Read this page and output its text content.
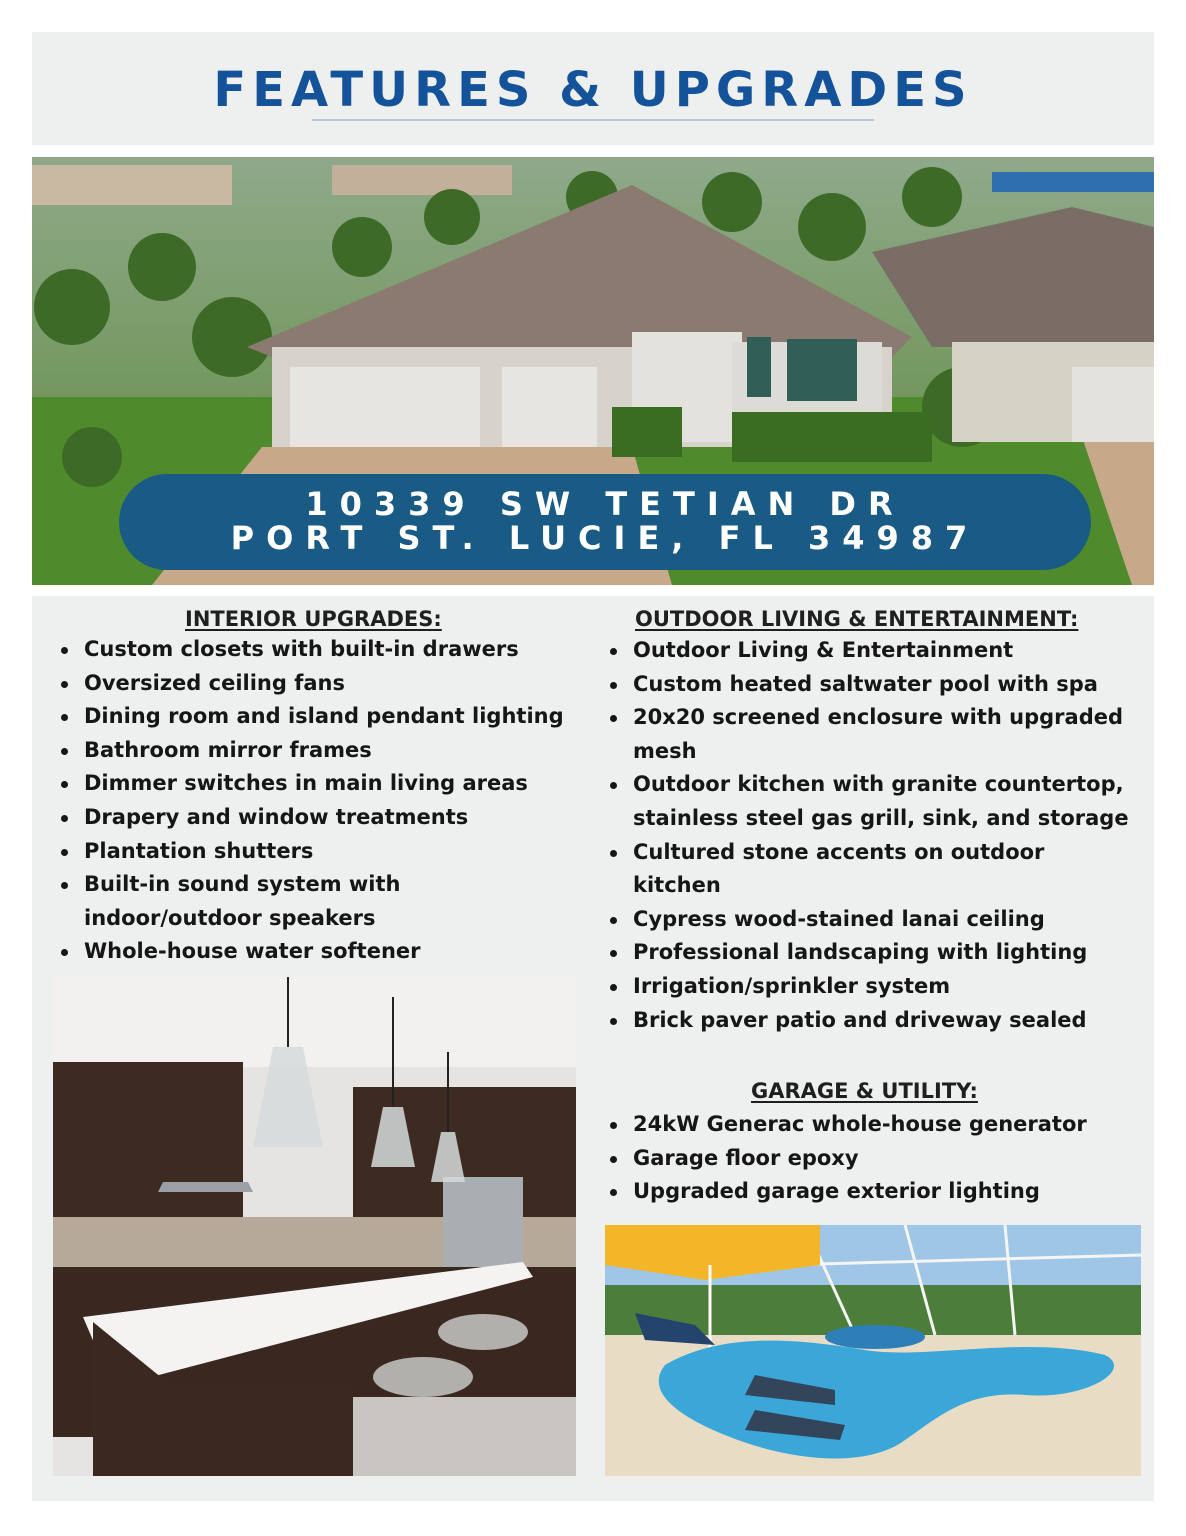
FEATURES & UPGRADES
10339 SW TETIAN DR
PORT ST. LUCIE, FL 34987
INTERIOR UPGRADES:
Custom closets with built-in drawers
Oversized ceiling fans
Dining room and island pendant lighting
Bathroom mirror frames
Dimmer switches in main living areas
Drapery and window treatments
Plantation shutters
Built-in sound system with indoor/outdoor speakers
Whole-house water softener
OUTDOOR LIVING & ENTERTAINMENT:
Outdoor Living & Entertainment
Custom heated saltwater pool with spa
20x20 screened enclosure with upgraded mesh
Outdoor kitchen with granite countertop, stainless steel gas grill, sink, and storage
Cultured stone accents on outdoor kitchen
Cypress wood-stained lanai ceiling
Professional landscaping with lighting
Irrigation/sprinkler system
Brick paver patio and driveway sealed
GARAGE & UTILITY:
24kW Generac whole-house generator
Garage floor epoxy
Upgraded garage exterior lighting
